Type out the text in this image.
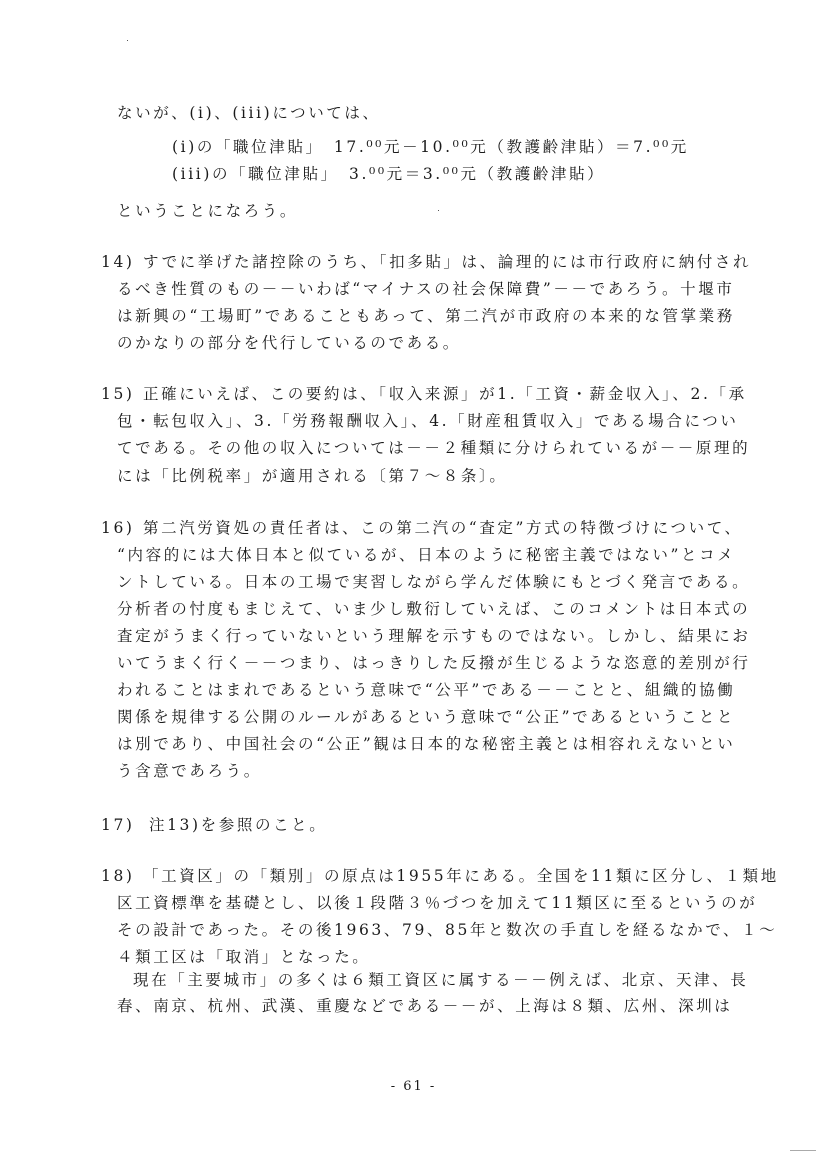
ないが、(i)、(iii)については、
(i)の「職位津貼」　17.⁰⁰元－10.⁰⁰元（教護齢津貼）＝7.⁰⁰元
(iii)の「職位津貼」　3.⁰⁰元＝3.⁰⁰元（教護齢津貼）
ということになろう。
14) すでに挙げた諸控除のうち、「扣多貼」は、論理的には市行政府に納付され
るべき性質のもの－－いわば“マイナスの社会保障費”－－であろう。十堰市
は新興の“工場町”であることもあって、第二汽が市政府の本来的な管掌業務
のかなりの部分を代行しているのである。
15) 正確にいえば、この要約は、「収入来源」が1.「工資・薪金収入」、2.「承
包・転包収入」、3.「労務報酬収入」、4.「財産租賃収入」である場合につい
てである。その他の収入については－－２種類に分けられているが－－原理的
には「比例税率」が適用される〔第７～８条〕。
16) 第二汽労資処の責任者は、この第二汽の“査定”方式の特徴づけについて、
“内容的には大体日本と似ているが、日本のように秘密主義ではない”とコメ
ントしている。日本の工場で実習しながら学んだ体験にもとづく発言である。
分析者の忖度もまじえて、いま少し敷衍していえば、このコメントは日本式の
査定がうまく行っていないという理解を示すものではない。しかし、結果にお
いてうまく行く－－つまり、はっきりした反撥が生じるような恣意的差別が行
われることはまれであるという意味で“公平”である－－ことと、組織的協働
関係を規律する公開のルールがあるという意味で“公正”であるということと
は別であり、中国社会の“公正”観は日本的な秘密主義とは相容れえないとい
う含意であろう。
17) 注13)を参照のこと。
18) 「工資区」の「類別」の原点は1955年にある。全国を11類に区分し、１類地
区工資標準を基礎とし、以後１段階３％づつを加えて11類区に至るというのが
その設計であった。その後1963、79、85年と数次の手直しを経るなかで、１～
４類工区は「取消」となった。
現在「主要城市」の多くは６類工資区に属する－－例えば、北京、天津、長
春、南京、杭州、武漢、重慶などである－－が、上海は８類、広州、深圳は
- 61 -
